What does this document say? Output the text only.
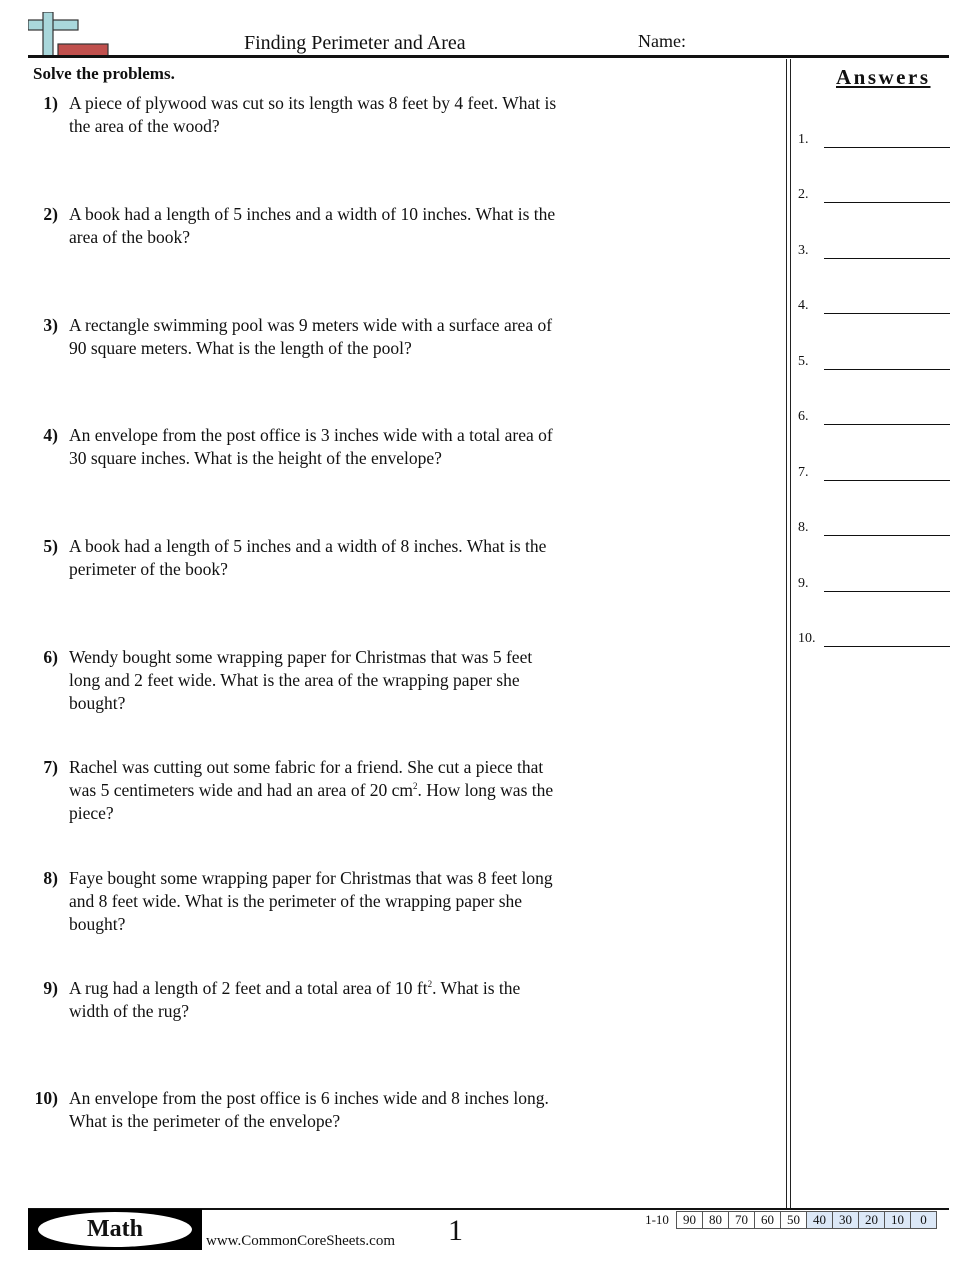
Finding Perimeter and Area	Name:
Solve the problems.
1) A piece of plywood was cut so its length was 8 feet by 4 feet. What is the area of the wood?
2) A book had a length of 5 inches and a width of 10 inches. What is the area of the book?
3) A rectangle swimming pool was 9 meters wide with a surface area of 90 square meters. What is the length of the pool?
4) An envelope from the post office is 3 inches wide with a total area of 30 square inches. What is the height of the envelope?
5) A book had a length of 5 inches and a width of 8 inches. What is the perimeter of the book?
6) Wendy bought some wrapping paper for Christmas that was 5 feet long and 2 feet wide. What is the area of the wrapping paper she bought?
7) Rachel was cutting out some fabric for a friend. She cut a piece that was 5 centimeters wide and had an area of 20 $cm^2$. How long was the piece?
8) Faye bought some wrapping paper for Christmas that was 8 feet long and 8 feet wide. What is the perimeter of the wrapping paper she bought?
9) A rug had a length of 2 feet and a total area of 10 $ft^2$. What is the width of the rug?
10) An envelope from the post office is 6 inches wide and 8 inches long. What is the perimeter of the envelope?
Answers
1.
2.
3.
4.
5.
6.
7.
8.
9.
10.
Math	www.CommonCoreSheets.com 1	1-10	90	80	70	60	50	40	30	20	10	0
